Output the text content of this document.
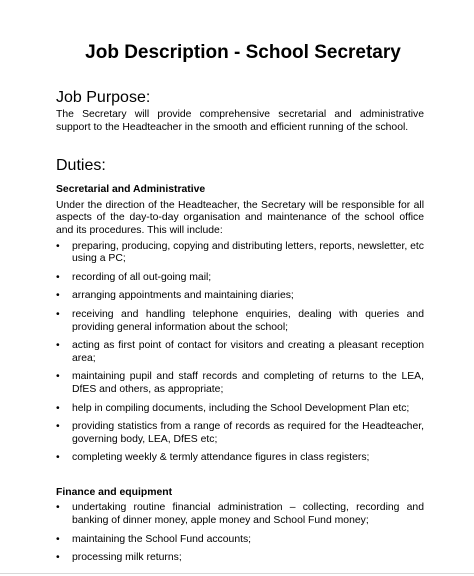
Job Description - School Secretary
Job Purpose:

The Secretary will provide comprehensive secretarial and administrative support to the Headteacher in the smooth and efficient running of the school.

Duties:
Secretarial and Administrative

Under the direction of the Headteacher, the Secretary will be responsible for all aspects of the day-to-day organisation and maintenance of the school office and its procedures. This will include:

• preparing, producing, copying and distributing letters, reports, newsletter, etc using a PC;
• recording of all out-going mail;
• arranging appointments and maintaining diaries;
• receiving and handling telephone enquiries, dealing with queries and providing general information about the school;
• acting as first point of contact for visitors and creating a pleasant reception area;
• maintaining pupil and staff records and completing of returns to the LEA, DfES and others, as appropriate;
• help in compiling documents, including the School Development Plan etc;
• providing statistics from a range of records as required for the Headteacher, governing body, LEA, DfES etc;
• completing weekly & termly attendance figures in class registers;
Finance and equipment
• undertaking routine financial administration – collecting, recording and banking of dinner money, apple money and School Fund money;
• maintaining the School Fund accounts;
• processing milk returns;
